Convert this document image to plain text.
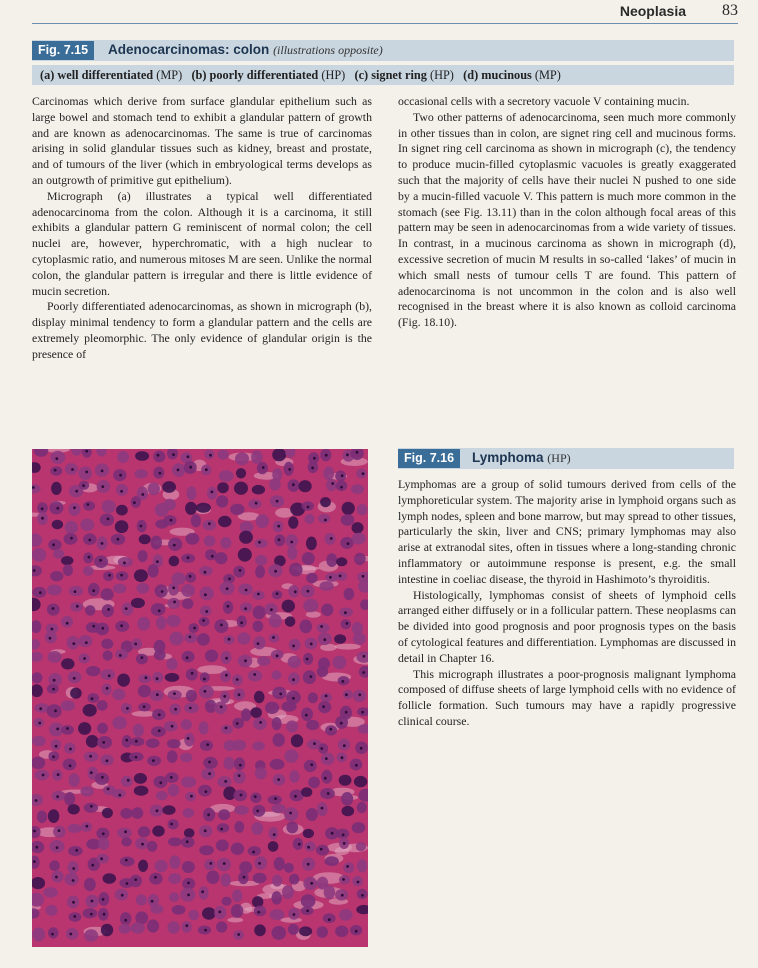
Neoplasia 83
Fig. 7.15	Adenocarcinomas: colon (illustrations opposite)
(a) well differentiated (MP) (b) poorly differentiated (HP) (c) signet ring (HP) (d) mucinous (MP)

Carcinomas which derive from surface glandular epithelium such as large bowel and stomach tend to exhibit a glandular pattern of growth and are known as adenocarcinomas. The same is true of carcinomas arising in solid glandular tissues such as kidney, breast and prostate, and of tumours of the liver (which in embryological terms develops as an outgrowth of primitive gut epithelium).

Micrograph (a) illustrates a typical well differentiated adenocarcinoma from the colon. Although it is a carcinoma, it still exhibits a glandular pattern G reminiscent of normal colon; the cell nuclei are, however, hyperchromatic, with a high nuclear to cytoplasmic ratio, and numerous mitoses M are seen. Unlike the normal colon, the glandular pattern is irregular and there is little evidence of mucin secretion.

Poorly differentiated adenocarcinomas, as shown in micrograph (b), display minimal tendency to form a glandular pattern and the cells are extremely pleomorphic. The only evidence of glandular origin is the presence of

occasional cells with a secretory vacuole V containing mucin.

Two other patterns of adenocarcinoma, seen much more commonly in other tissues than in colon, are signet ring cell and mucinous forms. In signet ring cell carcinoma as shown in micrograph (c), the tendency to produce mucin-filled cytoplasmic vacuoles is greatly exaggerated such that the majority of cells have their nuclei N pushed to one side by a mucin-filled vacuole V. This pattern is much more common in the stomach (see Fig. 13.11) than in the colon although focal areas of this pattern may be seen in adenocarcinomas from a wide variety of tissues. In contrast, in a mucinous carcinoma as shown in micrograph (d), excessive secretion of mucin M results in so-called ‘lakes’ of mucin in which small nests of tumour cells T are found. This pattern of adenocarcinoma is not uncommon in the colon and is also well recognised in the breast where it is also known as colloid carcinoma (Fig. 18.10).

Fig. 7.16	Lymphoma (HP)

Lymphomas are a group of solid tumours derived from cells of the lymphoreticular system. The majority arise in lymphoid organs such as lymph nodes, spleen and bone marrow, but may spread to other tissues, particularly the skin, liver and CNS; primary lymphomas may also arise at extranodal sites, often in tissues where a long-standing chronic inflammatory or autoimmune response is present, e.g. the small intestine in coeliac disease, the thyroid in Hashimoto’s thyroiditis.

Histologically, lymphomas consist of sheets of lymphoid cells arranged either diffusely or in a follicular pattern. These neoplasms can be divided into good prognosis and poor prognosis types on the basis of cytological features and differentiation. Lymphomas are discussed in detail in Chapter 16.

This micrograph illustrates a poor-prognosis malignant lymphoma composed of diffuse sheets of large lymphoid cells with no evidence of follicle formation. Such tumours may have a rapidly progressive clinical course.
